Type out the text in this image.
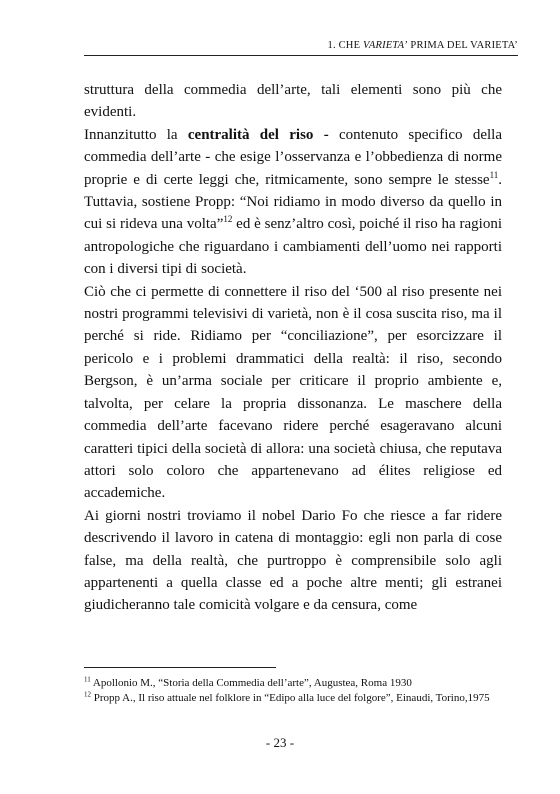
1. CHE VARIETA’ PRIMA DEL VARIETA’

struttura della commedia dell’arte, tali elementi sono più che evidenti.

Innanzitutto la centralità del riso - contenuto specifico della commedia dell’arte - che esige l’osservanza e l’obbedienza di norme proprie e di certe leggi che, ritmicamente, sono sempre le stesse$^{11}$. Tuttavia, sostiene Propp: “Noi ridiamo in modo diverso da quello in cui si rideva una volta”$^{12}$ ed è senz’altro così, poiché il riso ha ragioni antropologiche che riguardano i cambiamenti dell’uomo nei rapporti con i diversi tipi di società.

Ciò che ci permette di connettere il riso del ‘500 al riso presente nei nostri programmi televisivi di varietà, non è il cosa suscita riso, ma il perché si ride. Ridiamo per “conciliazione”, per esorcizzare il pericolo e i problemi drammatici della realtà: il riso, secondo Bergson, è un’arma sociale per criticare il proprio ambiente e, talvolta, per celare la propria dissonanza. Le maschere della commedia dell’arte facevano ridere perché esageravano alcuni caratteri tipici della società di allora: una società chiusa, che reputava attori solo coloro che appartenevano ad élites religiose ed accademiche.

Ai giorni nostri troviamo il nobel Dario Fo che riesce a far ridere descrivendo il lavoro in catena di montaggio: egli non parla di cose false, ma della realtà, che purtroppo è comprensibile solo agli appartenenti a quella classe ed a poche altre menti; gli estranei giudicheranno tale comicità volgare e da censura, come

$^{11}$ Apollonio M., “Storia della Commedia dell’arte”, Augustea, Roma 1930

$^{12}$ Propp A., Il riso attuale nel folklore in “Edipo alla luce del folgore”, Einaudi, Torino,1975

- 23 -
